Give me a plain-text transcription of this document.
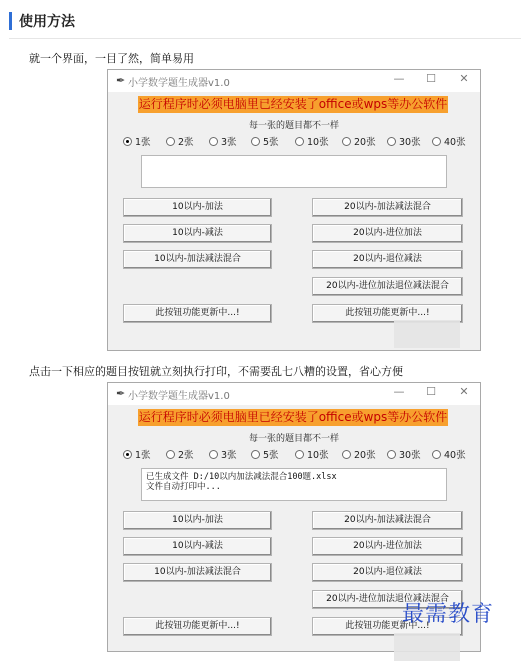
使用方法
就一个界面，一目了然，简单易用
✒ 小学数学题生成器v1.0	—	☐	✕
运行程序时必须电脑里已经安装了office或wps等办公软件
每一张的题目都不一样
1张	2张	3张	5张	10张	20张	30张	40张
10以内-加法
10以内-减法
10以内-加法减法混合
此按钮功能更新中...!
20以内-加法减法混合
20以内-进位加法
20以内-退位减法
20以内-进位加法退位减法混合
此按钮功能更新中...!
点击一下相应的题目按钮就立刻执行打印，不需要乱七八糟的设置，省心方便
✒ 小学数学题生成器v1.0	—	☐	✕
运行程序时必须电脑里已经安装了office或wps等办公软件
每一张的题目都不一样
1张	2张	3张	5张	10张	20张	30张	40张
已生成文件 D:/10以内加法减法混合100题.xlsx
文件自动打印中...
10以内-加法
10以内-减法
10以内-加法减法混合
此按钮功能更新中...!
20以内-加法减法混合
20以内-进位加法
20以内-退位减法
20以内-进位加法退位减法混合
此按钮功能更新中...!
最需教育
